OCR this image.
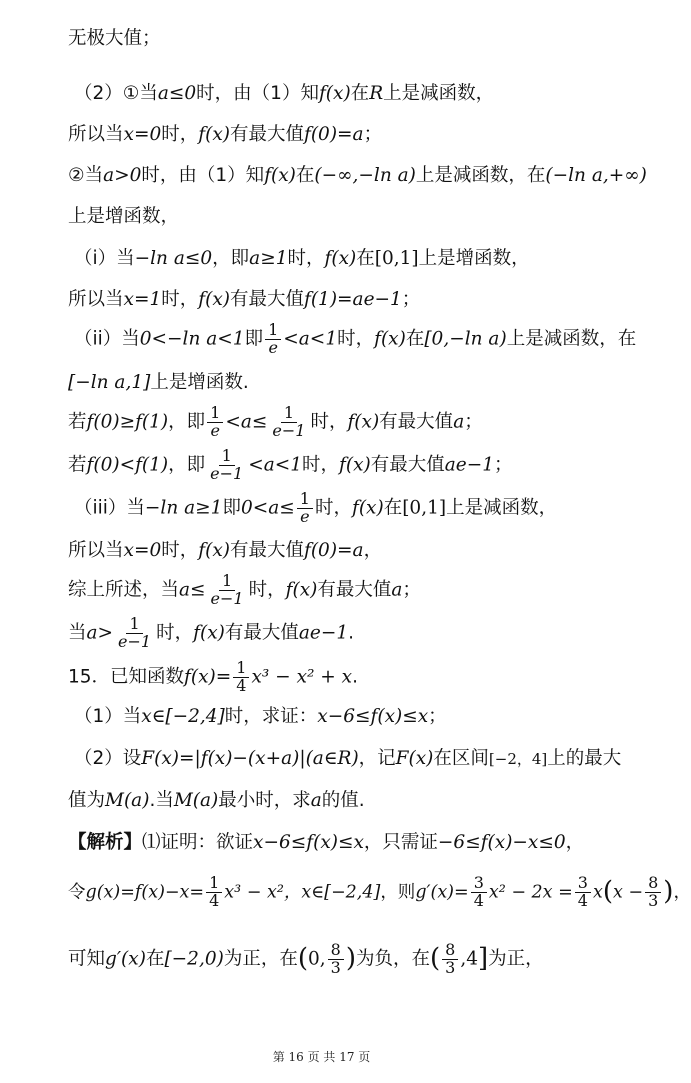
无极大值；
（2）①当a≤0时，由（1）知f(x)在R上是减函数，
所以当x=0时，f(x)有最大值f(0)=a；
②当a>0时，由（1）知f(x)在(−∞,−ln a)上是减函数，在(−ln a,+∞)
上是增函数，
（i）当−ln a≤0，即a≥1时，f(x)在[0,1]上是增函数，
所以当x=1时，f(x)有最大值f(1)=ae−1；
（ii）当0<−ln a<1即 $\frac{1}{e} <a<1$时，f(x)在[0,−ln a)上是减函数，在
[−ln a,1]上是增函数.
若f(0)≥f(1)，即 $\frac{1}{e} <a\le \frac{1}{e-1}$ 时，f(x)有最大值a；
若f(0)<f(1)，即 $\frac{1}{e-1} <a<1$时，f(x)有最大值ae−1；
（iii）当−ln a≥1即$0<a\le \frac{1}{e}$ 时，f(x)在[0,1]上是减函数，
所以当x=0时，f(x)有最大值f(0)=a，
综上所述，当$a\le \frac{1}{e-1}$ 时，f(x)有最大值a；
当$a> \frac{1}{e-1}$ 时，f(x)有最大值ae−1.
15．已知函数$f(x)= \frac{1}{4} x^3 - x^2 + x$.
（1）当x∈[−2,4]时，求证：x−6≤f(x)≤x；
（2）设F(x)=|f(x)−(x+a)|(a∈R)，记F(x)在区间[−2，4]上的最大
值为M(a).当M(a)最小时，求a的值.
【解析】⑴证明：欲证x−6≤f(x)≤x，只需证−6≤f(x)−x≤0，
令$g(x)=f(x)-x= \frac{1}{4} x^3 - x^2$，x∈[−2,4]，则$g'(x)= \frac{3}{4} x^2 - 2x = \frac{3}{4} x(x - \frac{8}{3}$ )，
可知g′(x)在[−2,0)为正，在(0, $\frac{8}{3}$ )为负，在( $\frac{8}{3} ,4$]为正，
第 16 页 共 17 页
